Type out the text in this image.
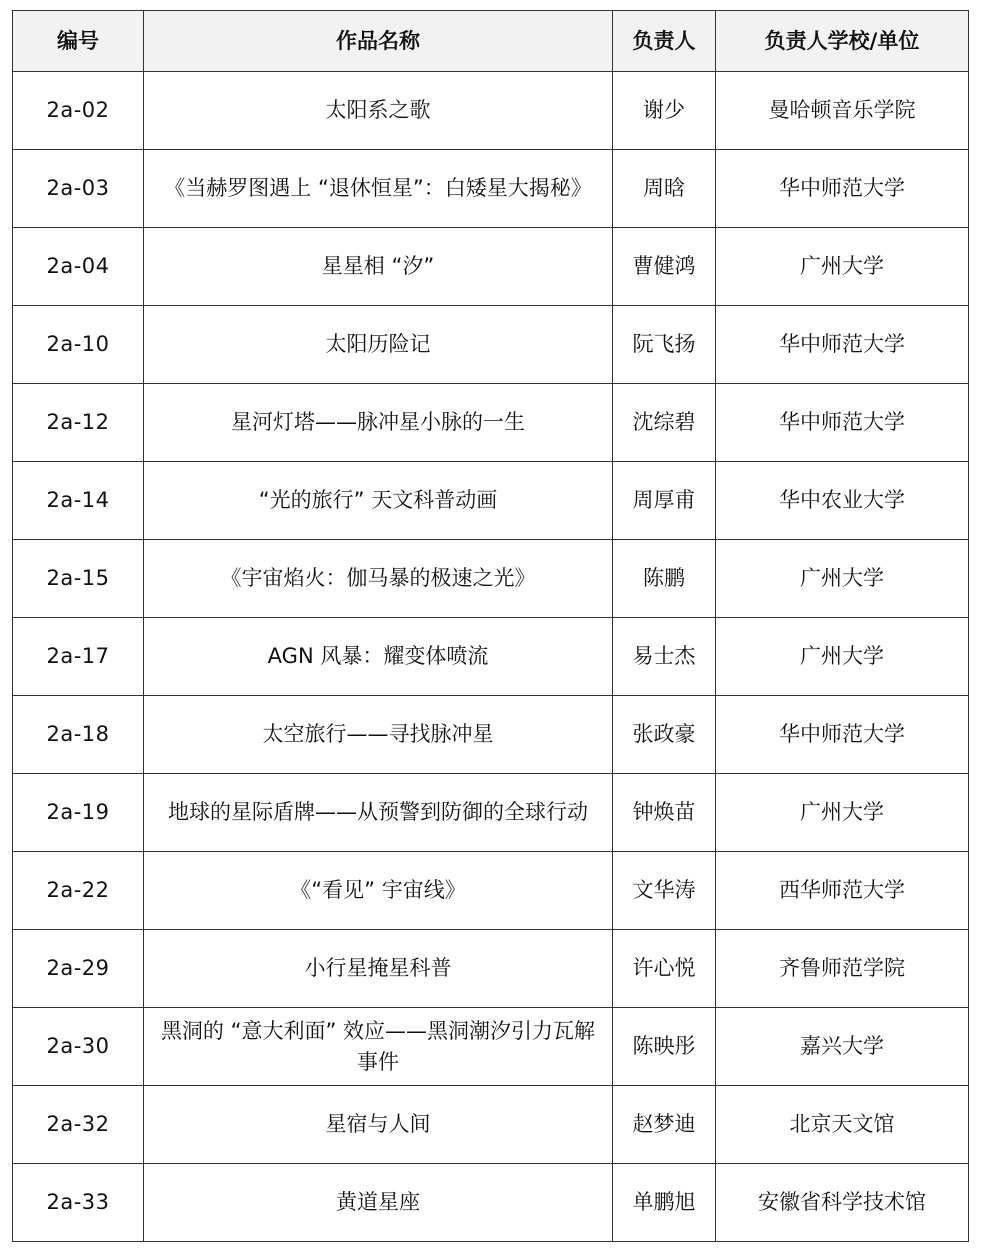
编号	作品名称	负责人	负责人学校/单位
2a-02	太阳系之歌	谢少	曼哈顿音乐学院
2a-03	《当赫罗图遇上 “退休恒星”：白矮星大揭秘》	周晗	华中师范大学
2a-04	星星相 “汐”	曹健鸿	广州大学
2a-10	太阳历险记	阮飞扬	华中师范大学
2a-12	星河灯塔——脉冲星小脉的一生	沈综碧	华中师范大学
2a-14	“光的旅行” 天文科普动画	周厚甫	华中农业大学
2a-15	《宇宙焰火：伽马暴的极速之光》	陈鹏	广州大学
2a-17	AGN 风暴：耀变体喷流	易士杰	广州大学
2a-18	太空旅行——寻找脉冲星	张政豪	华中师范大学
2a-19	地球的星际盾牌——从预警到防御的全球行动	钟焕苗	广州大学
2a-22	《“看见” 宇宙线》	文华涛	西华师范大学
2a-29	小行星掩星科普	许心悦	齐鲁师范学院
2a-30	黑洞的 “意大利面” 效应——黑洞潮汐引力瓦解事件	陈映彤	嘉兴大学
2a-32	星宿与人间	赵梦迪	北京天文馆
2a-33	黄道星座	单鹏旭	安徽省科学技术馆
